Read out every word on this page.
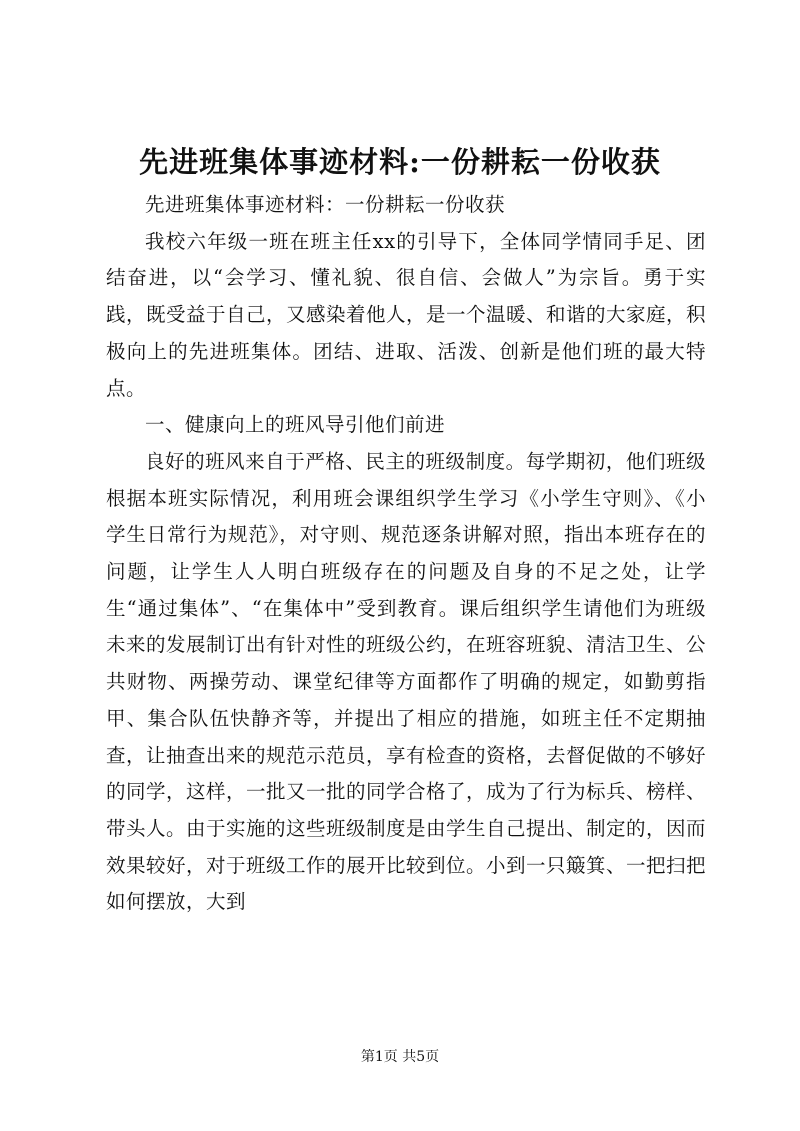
先进班集体事迹材料:一份耕耘一份收获

先进班集体事迹材料：一份耕耘一份收获

我校六年级一班在班主任xx的引导下，全体同学情同手足、团结奋进，以“会学习、懂礼貌、很自信、会做人”为宗旨。勇于实践，既受益于自己，又感染着他人，是一个温暖、和谐的大家庭，积极向上的先进班集体。团结、进取、活泼、创新是他们班的最大特点。

一、健康向上的班风导引他们前进

良好的班风来自于严格、民主的班级制度。每学期初，他们班级根据本班实际情况，利用班会课组织学生学习《小学生守则》、《小学生日常行为规范》，对守则、规范逐条讲解对照，指出本班存在的问题，让学生人人明白班级存在的问题及自身的不足之处，让学生“通过集体”、“在集体中”受到教育。课后组织学生请他们为班级未来的发展制订出有针对性的班级公约，在班容班貌、清洁卫生、公共财物、两操劳动、课堂纪律等方面都作了明确的规定，如勤剪指甲、集合队伍快静齐等，并提出了相应的措施，如班主任不定期抽查，让抽查出来的规范示范员，享有检查的资格，去督促做的不够好的同学，这样，一批又一批的同学合格了，成为了行为标兵、榜样、带头人。由于实施的这些班级制度是由学生自己提出、制定的，因而效果较好，对于班级工作的展开比较到位。小到一只簸箕、一把扫把如何摆放，大到

第1页 共5页
